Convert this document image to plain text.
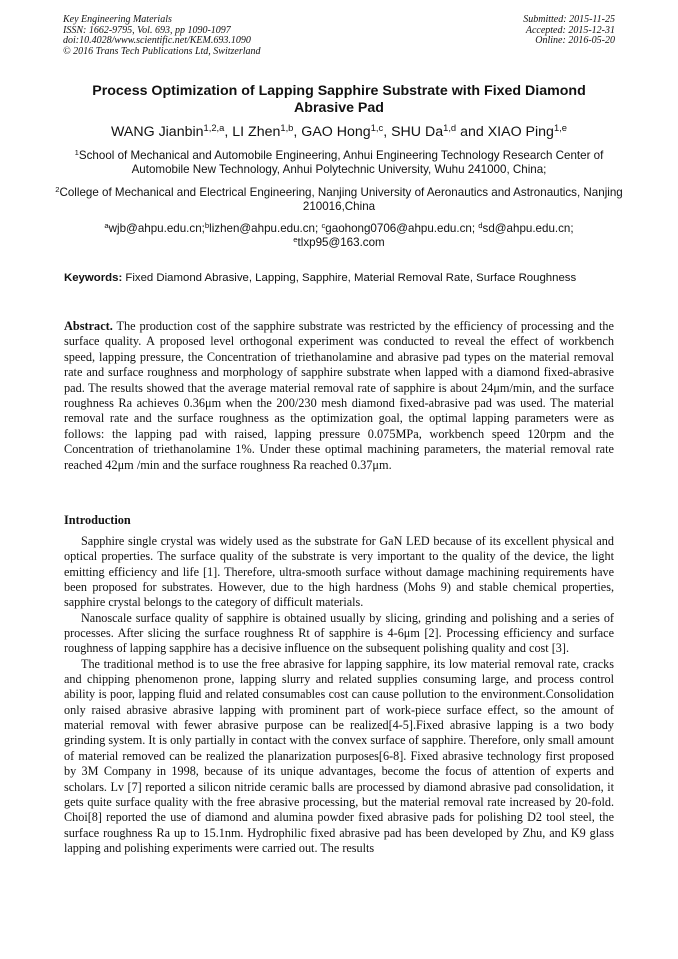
Key Engineering Materials
ISSN: 1662-9795, Vol. 693, pp 1090-1097
doi:10.4028/www.scientific.net/KEM.693.1090
© 2016 Trans Tech Publications Ltd, Switzerland
Submitted: 2015-11-25
Accepted: 2015-12-31
Online: 2016-05-20
Process Optimization of Lapping Sapphire Substrate with Fixed Diamond Abrasive Pad
WANG Jianbin$^{1,2,a}$, LI Zhen$^{1,b}$, GAO Hong$^{1,c}$, SHU Da$^{1,d}$ and XIAO Ping$^{1,e}$
$^1$School of Mechanical and Automobile Engineering, Anhui Engineering Technology Research Center of Automobile New Technology, Anhui Polytechnic University, Wuhu 241000, China;
$^2$College of Mechanical and Electrical Engineering, Nanjing University of Aeronautics and Astronautics, Nanjing 210016,China
$^a$wjb@ahpu.edu.cn;$^b$lizhen@ahpu.edu.cn; $^c$gaohong0706@ahpu.edu.cn; $^d$sd@ahpu.edu.cn;
$^e$tlxp95@163.com
Keywords: Fixed Diamond Abrasive, Lapping, Sapphire, Material Removal Rate, Surface Roughness
Abstract. The production cost of the sapphire substrate was restricted by the efficiency of processing and the surface quality. A proposed level orthogonal experiment was conducted to reveal the effect of workbench speed, lapping pressure, the Concentration of triethanolamine and abrasive pad types on the material removal rate and surface roughness and morphology of sapphire substrate when lapped with a diamond fixed-abrasive pad. The results showed that the average material removal rate of sapphire is about 24μm/min, and the surface roughness Ra achieves 0.36μm when the 200/230 mesh diamond fixed-abrasive pad was used. The material removal rate and the surface roughness as the optimization goal, the optimal lapping parameters were as follows: the lapping pad with raised, lapping pressure 0.075MPa, workbench speed 120rpm and the Concentration of triethanolamine 1%. Under these optimal machining parameters, the material removal rate reached 42μm /min and the surface roughness Ra reached 0.37μm.
Introduction

Sapphire single crystal was widely used as the substrate for GaN LED because of its excellent physical and optical properties. The surface quality of the substrate is very important to the quality of the device, the light emitting efficiency and life [1]. Therefore, ultra-smooth surface without damage machining requirements have been proposed for substrates. However, due to the high hardness (Mohs 9) and stable chemical properties, sapphire crystal belongs to the category of difficult materials.

Nanoscale surface quality of sapphire is obtained usually by slicing, grinding and polishing and a series of processes. After slicing the surface roughness Rt of sapphire is 4-6μm [2]. Processing efficiency and surface roughness of lapping sapphire has a decisive influence on the subsequent polishing quality and cost [3].

The traditional method is to use the free abrasive for lapping sapphire, its low material removal rate, cracks and chipping phenomenon prone, lapping slurry and related supplies consuming large, and process control ability is poor, lapping fluid and related consumables cost can cause pollution to the environment.Consolidation only raised abrasive abrasive lapping with prominent part of work-piece surface effect, so the amount of material removal with fewer abrasive purpose can be realized[4-5].Fixed abrasive lapping is a two body grinding system. It is only partially in contact with the convex surface of sapphire. Therefore, only small amount of material removed can be realized the planarization purposes[6-8]. Fixed abrasive technology first proposed by 3M Company in 1998, because of its unique advantages, become the focus of attention of experts and scholars. Lv [7] reported a silicon nitride ceramic balls are processed by diamond abrasive pad consolidation, it gets quite surface quality with the free abrasive processing, but the material removal rate increased by 20-fold. Choi[8] reported the use of diamond and alumina powder fixed abrasive pads for polishing D2 tool steel, the surface roughness Ra up to 15.1nm. Hydrophilic fixed abrasive pad has been developed by Zhu, and K9 glass lapping and polishing experiments were carried out. The results
